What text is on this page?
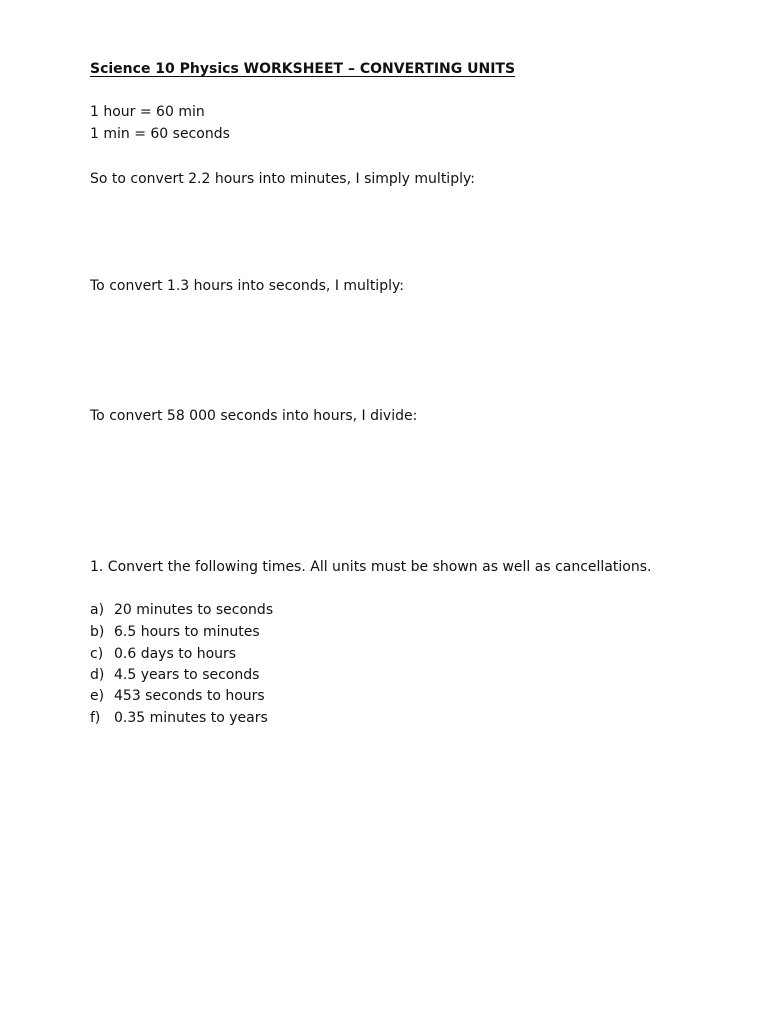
Science 10 Physics WORKSHEET – CONVERTING UNITS
1 hour = 60 min
1 min = 60 seconds
So to convert 2.2 hours into minutes, I simply multiply:
To convert 1.3 hours into seconds, I multiply:
To convert 58 000 seconds into hours, I divide:
1. Convert the following times. All units must be shown as well as cancellations.
a) 20 minutes to seconds
b) 6.5 hours to minutes
c) 0.6 days to hours
d) 4.5 years to seconds
e) 453 seconds to hours
f) 0.35 minutes to years
